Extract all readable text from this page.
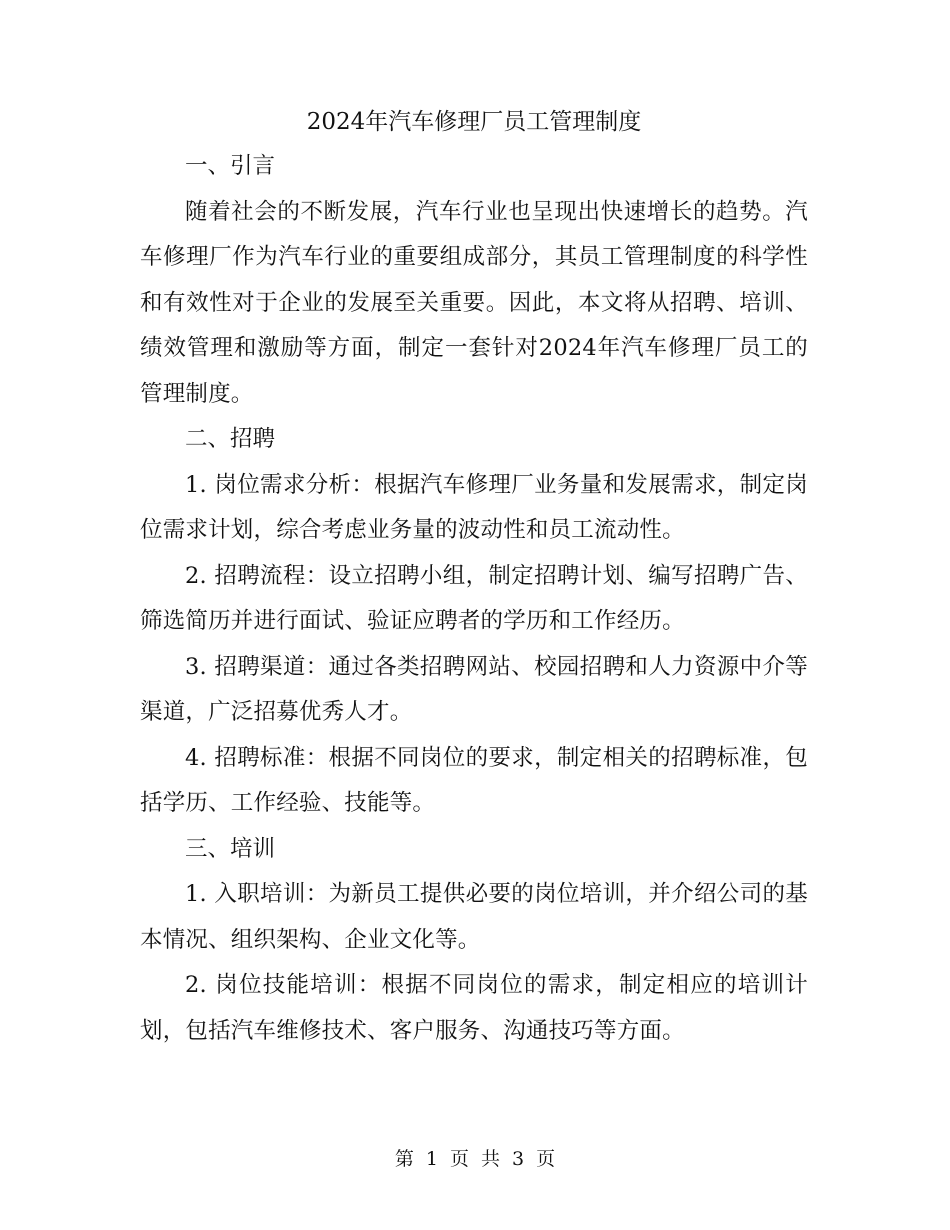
2024年汽车修理厂员工管理制度

一、引言

随着社会的不断发展，汽车行业也呈现出快速增长的趋势。汽车修理厂作为汽车行业的重要组成部分，其员工管理制度的科学性和有效性对于企业的发展至关重要。因此，本文将从招聘、培训、绩效管理和激励等方面，制定一套针对2024年汽车修理厂员工的管理制度。

二、招聘

1. 岗位需求分析：根据汽车修理厂业务量和发展需求，制定岗位需求计划，综合考虑业务量的波动性和员工流动性。

2. 招聘流程：设立招聘小组，制定招聘计划、编写招聘广告、筛选简历并进行面试、验证应聘者的学历和工作经历。

3. 招聘渠道：通过各类招聘网站、校园招聘和人力资源中介等渠道，广泛招募优秀人才。

4. 招聘标准：根据不同岗位的要求，制定相关的招聘标准，包括学历、工作经验、技能等。

三、培训

1. 入职培训：为新员工提供必要的岗位培训，并介绍公司的基本情况、组织架构、企业文化等。

2. 岗位技能培训：根据不同岗位的需求，制定相应的培训计划，包括汽车维修技术、客户服务、沟通技巧等方面。

第 1 页 共 3 页
